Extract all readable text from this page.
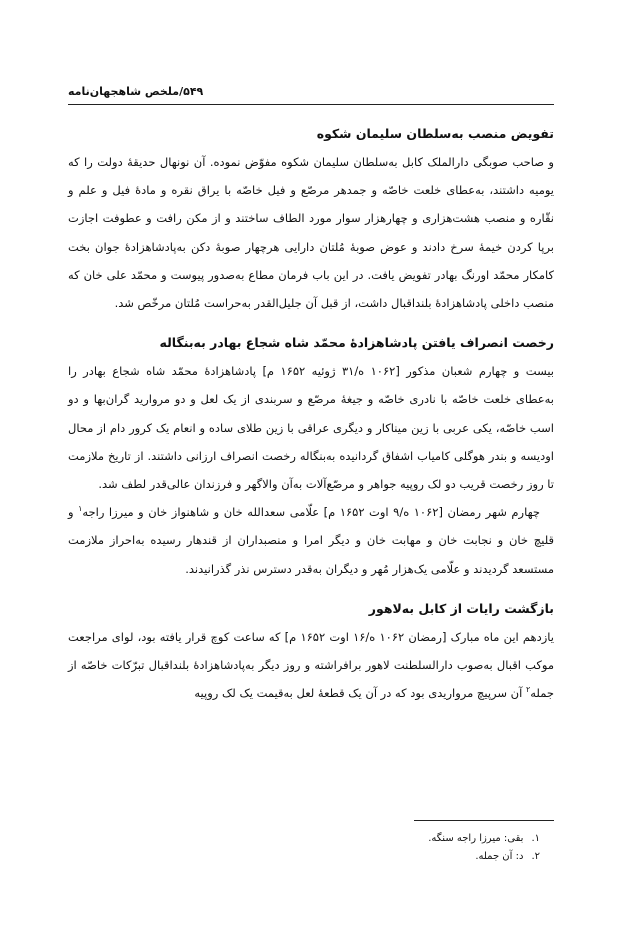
۵۴۹/ملخص شاهجهان‌نامه
تفویض منصب به‌سلطان سلیمان شکوه

و صاحب صوبگی دارالملک کابل به‌سلطان سلیمان شکوه مفوّض نموده. آن نونهال حدیقهٔ دولت را که یومیه داشتند، به‌عطای خلعت خاصّه و جمدهر مرصّع و فیل خاصّه با یراق نقره و مادهٔ فیل و علم و نقّاره و منصب هشت‌هزاری و چهارهزار سوار مورد الطاف ساختند و از مکن رافت و عطوفت اجازت برپا کردن خیمهٔ سرخ دادند و عوض صوبهٔ مُلتان دارایی هرچهار صوبهٔ دکن به‌پادشاهزادهٔ جوان بخت کامکار محمّد اورنگ بهادر تفویض یافت. در این باب فرمان مطاع به‌صدور پیوست و محمّد علی خان که منصب داخلی پادشاهزادهٔ بلنداقبال داشت، از قبل آن جلیل‌القدر به‌حراست مُلتان مرخّص شد.

رخصت انصراف یافتن پادشاهزادهٔ محمّد شاه شجاع بهادر به‌بنگاله

بیست و چهارم شعبان مذکور [۱۰۶۲ ه/۳۱ ژوئیه ۱۶۵۲ م] پادشاهزادهٔ محمّد شاه شجاع بهادر را به‌عطای خلعت خاصّه با نادری خاصّه و جیغهٔ مرصّع و سربندی از یک لعل و دو مروارید گران‌بها و دو اسب خاصّه، یکی عربی با زین میناکار و دیگری عراقی با زین طلای ساده و انعام یک کرور دام از محال اودیسه و بندر هوگلی کامیاب اشفاق گردانیده به‌بنگاله رخصت انصراف ارزانی داشتند. از تاریخ ملازمت تا روز رخصت قریب دو لک روپیه جواهر و مرصّع‌آلات به‌آن والاگهر و فرزندان عالی‌قدر لطف شد.

چهارم شهر رمضان [۱۰۶۲ ه/۹ اوت ۱۶۵۲ م] علّامی سعدالله خان و شاهنواز خان و میرزا راجه$^۱$ و قلیچ خان و نجابت خان و مهابت خان و دیگر امرا و منصبداران از قندهار رسیده به‌احراز ملازمت مستسعد گردیدند و علّامی یک‌هزار مُهر و دیگران به‌قدر دسترس نذر گذرانیدند.

بازگشت رایات از کابل به‌لاهور

یازدهم این ماه مبارک [رمضان ۱۰۶۲ ه/۱۶ اوت ۱۶۵۲ م] که ساعت کوچ قرار یافته بود، لوای مراجعت موکب اقبال به‌صوب دارالسلطنت لاهور برافراشته و روز دیگر به‌پادشاهزادهٔ بلنداقبال تبرّکات خاصّه از جمله$^۲$ آن سرپیچ مرواریدی بود که در آن یک قطعهٔ لعل به‌قیمت یک لک روپیه

۱.بقی: میرزا راجه سنگه.

۲.د: آن جمله.
